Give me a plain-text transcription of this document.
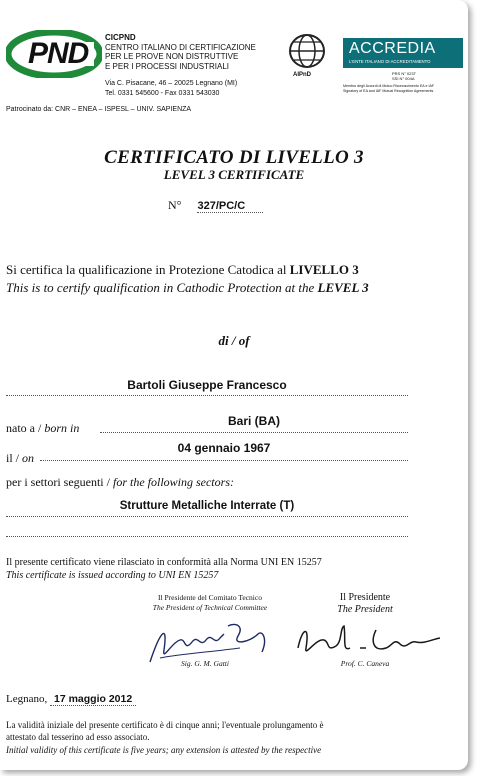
PND CICPND
CENTRO ITALIANO DI CERTIFICAZIONE
PER LE PROVE NON DISTRUTTIVE
E PER I PROCESSI INDUSTRIALI
Via C. Pisacane, 46 – 20025 Legnano (MI)
Tel. 0331 545600 - Fax 0331 543030
AIPnD
ACCREDIA
L'ENTE ITALIANO DI ACCREDITAMENTO
PRS N° 023T
SSI N° 004A
Membro degli Accordi di Mutuo Riconoscimento EA e IAF
Signatory of EA and IAF Mutual Recognition Agreements
Patrocinato da: CNR – ENEA – ISPESL – UNIV. SAPIENZA
CERTIFICATO DI LIVELLO 3
LEVEL 3 CERTIFICATE
N° 327/PC/C
Si certifica la qualificazione in Protezione Catodica al LIVELLO 3
This is to certify qualification in Cathodic Protection at the LEVEL 3
di / of
Bartoli Giuseppe Francesco
nato a / born in	Bari (BA)
il / on
04 gennaio 1967
per i settori seguenti / for the following sectors:
Strutture Metalliche Interrate (T)
Il presente certificato viene rilasciato in conformità alla Norma UNI EN 15257
This certificate is issued according to UNI EN 15257
Il Presidente del Comitato Tecnico
The President of Technical Committee
Il Presidente
The President
Sig. G. M. Gatti	Prof. C. Caneva
Legnano, 17 maggio 2012
La validità iniziale del presente certificato è di cinque anni; l'eventuale prolungamento è
attestato dal tesserino ad esso associato.
Initial validity of this certificate is five years; any extension is attested by the respective
